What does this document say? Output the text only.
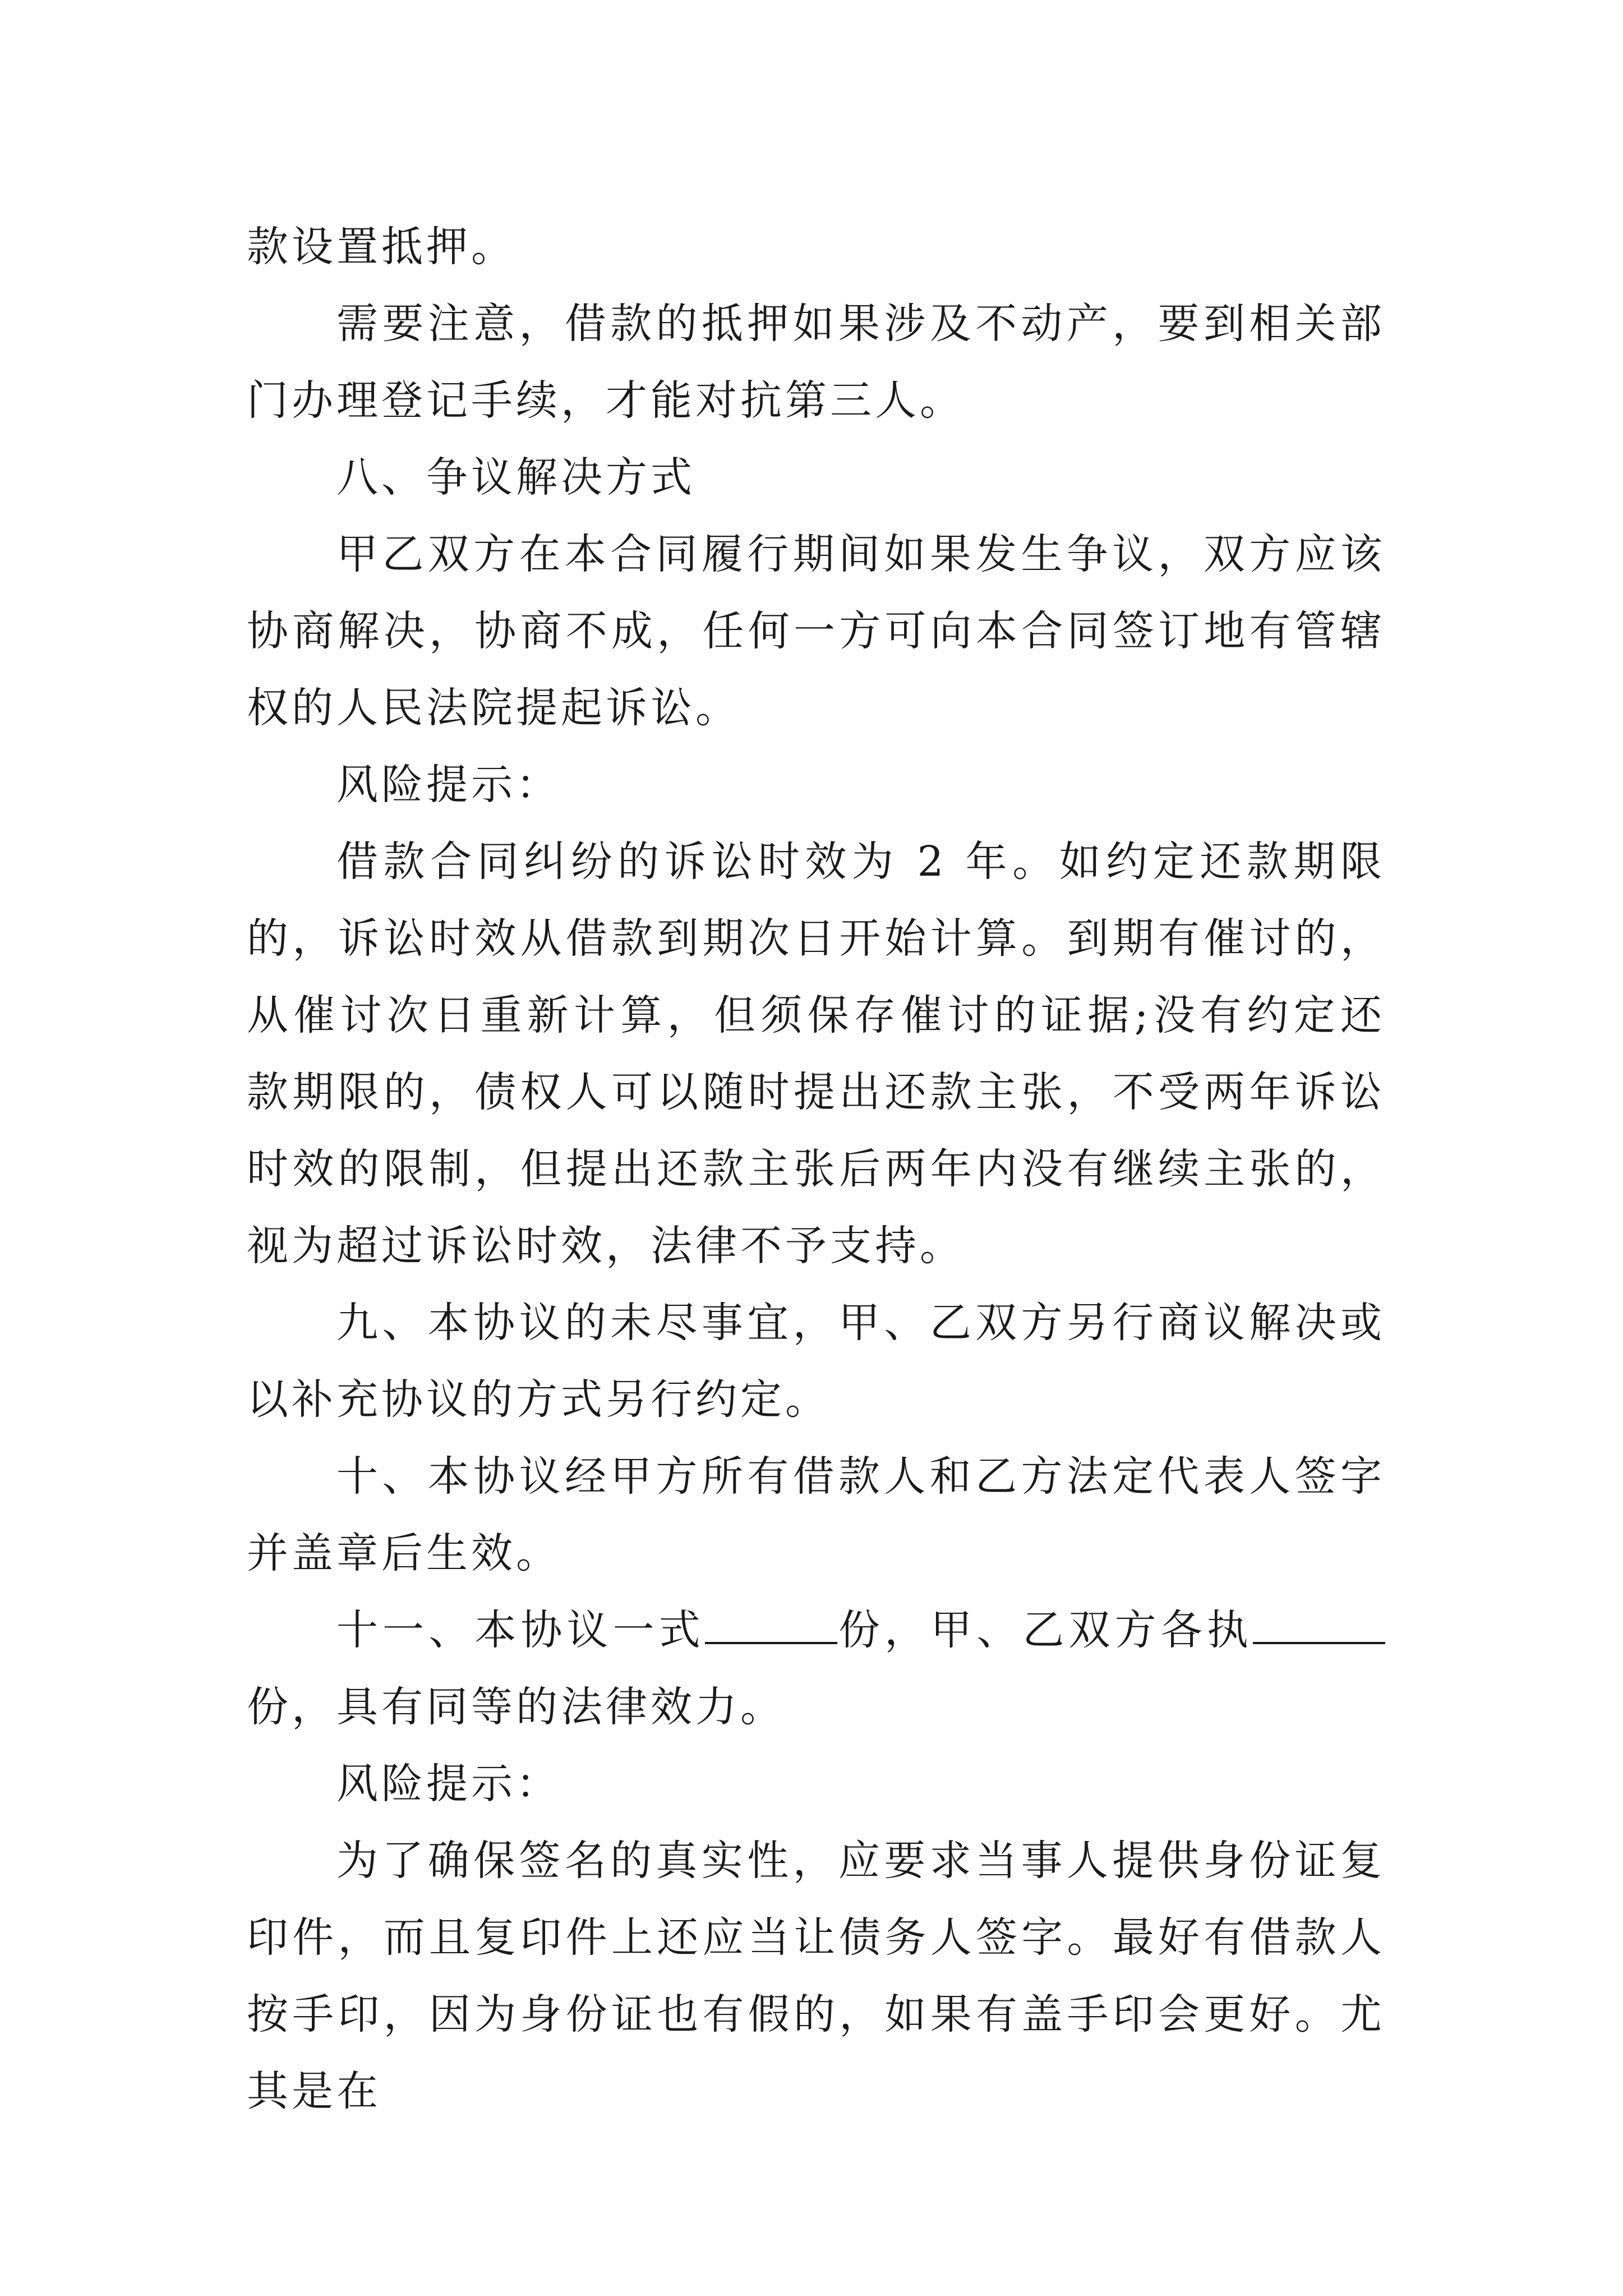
款设置抵押。

需要注意，借款的抵押如果涉及不动产，要到相关部门办理登记手续，才能对抗第三人。

八、争议解决方式

甲乙双方在本合同履行期间如果发生争议，双方应该协商解决，协商不成，任何一方可向本合同签订地有管辖权的人民法院提起诉讼。

风险提示：

借款合同纠纷的诉讼时效为 2 年。如约定还款期限的，诉讼时效从借款到期次日开始计算。到期有催讨的，从催讨次日重新计算，但须保存催讨的证据;没有约定还款期限的，债权人可以随时提出还款主张，不受两年诉讼时效的限制，但提出还款主张后两年内没有继续主张的，视为超过诉讼时效，法律不予支持。

九、本协议的未尽事宜，甲、乙双方另行商议解决或以补充协议的方式另行约定。

十、本协议经甲方所有借款人和乙方法定代表人签字并盖章后生效。

十一、本协议一式	份，甲、乙双方各执份，具有同等的法律效力。

风险提示：

为了确保签名的真实性，应要求当事人提供身份证复印件，而且复印件上还应当让债务人签字。最好有借款人按手印，因为身份证也有假的，如果有盖手印会更好。尤其是在
